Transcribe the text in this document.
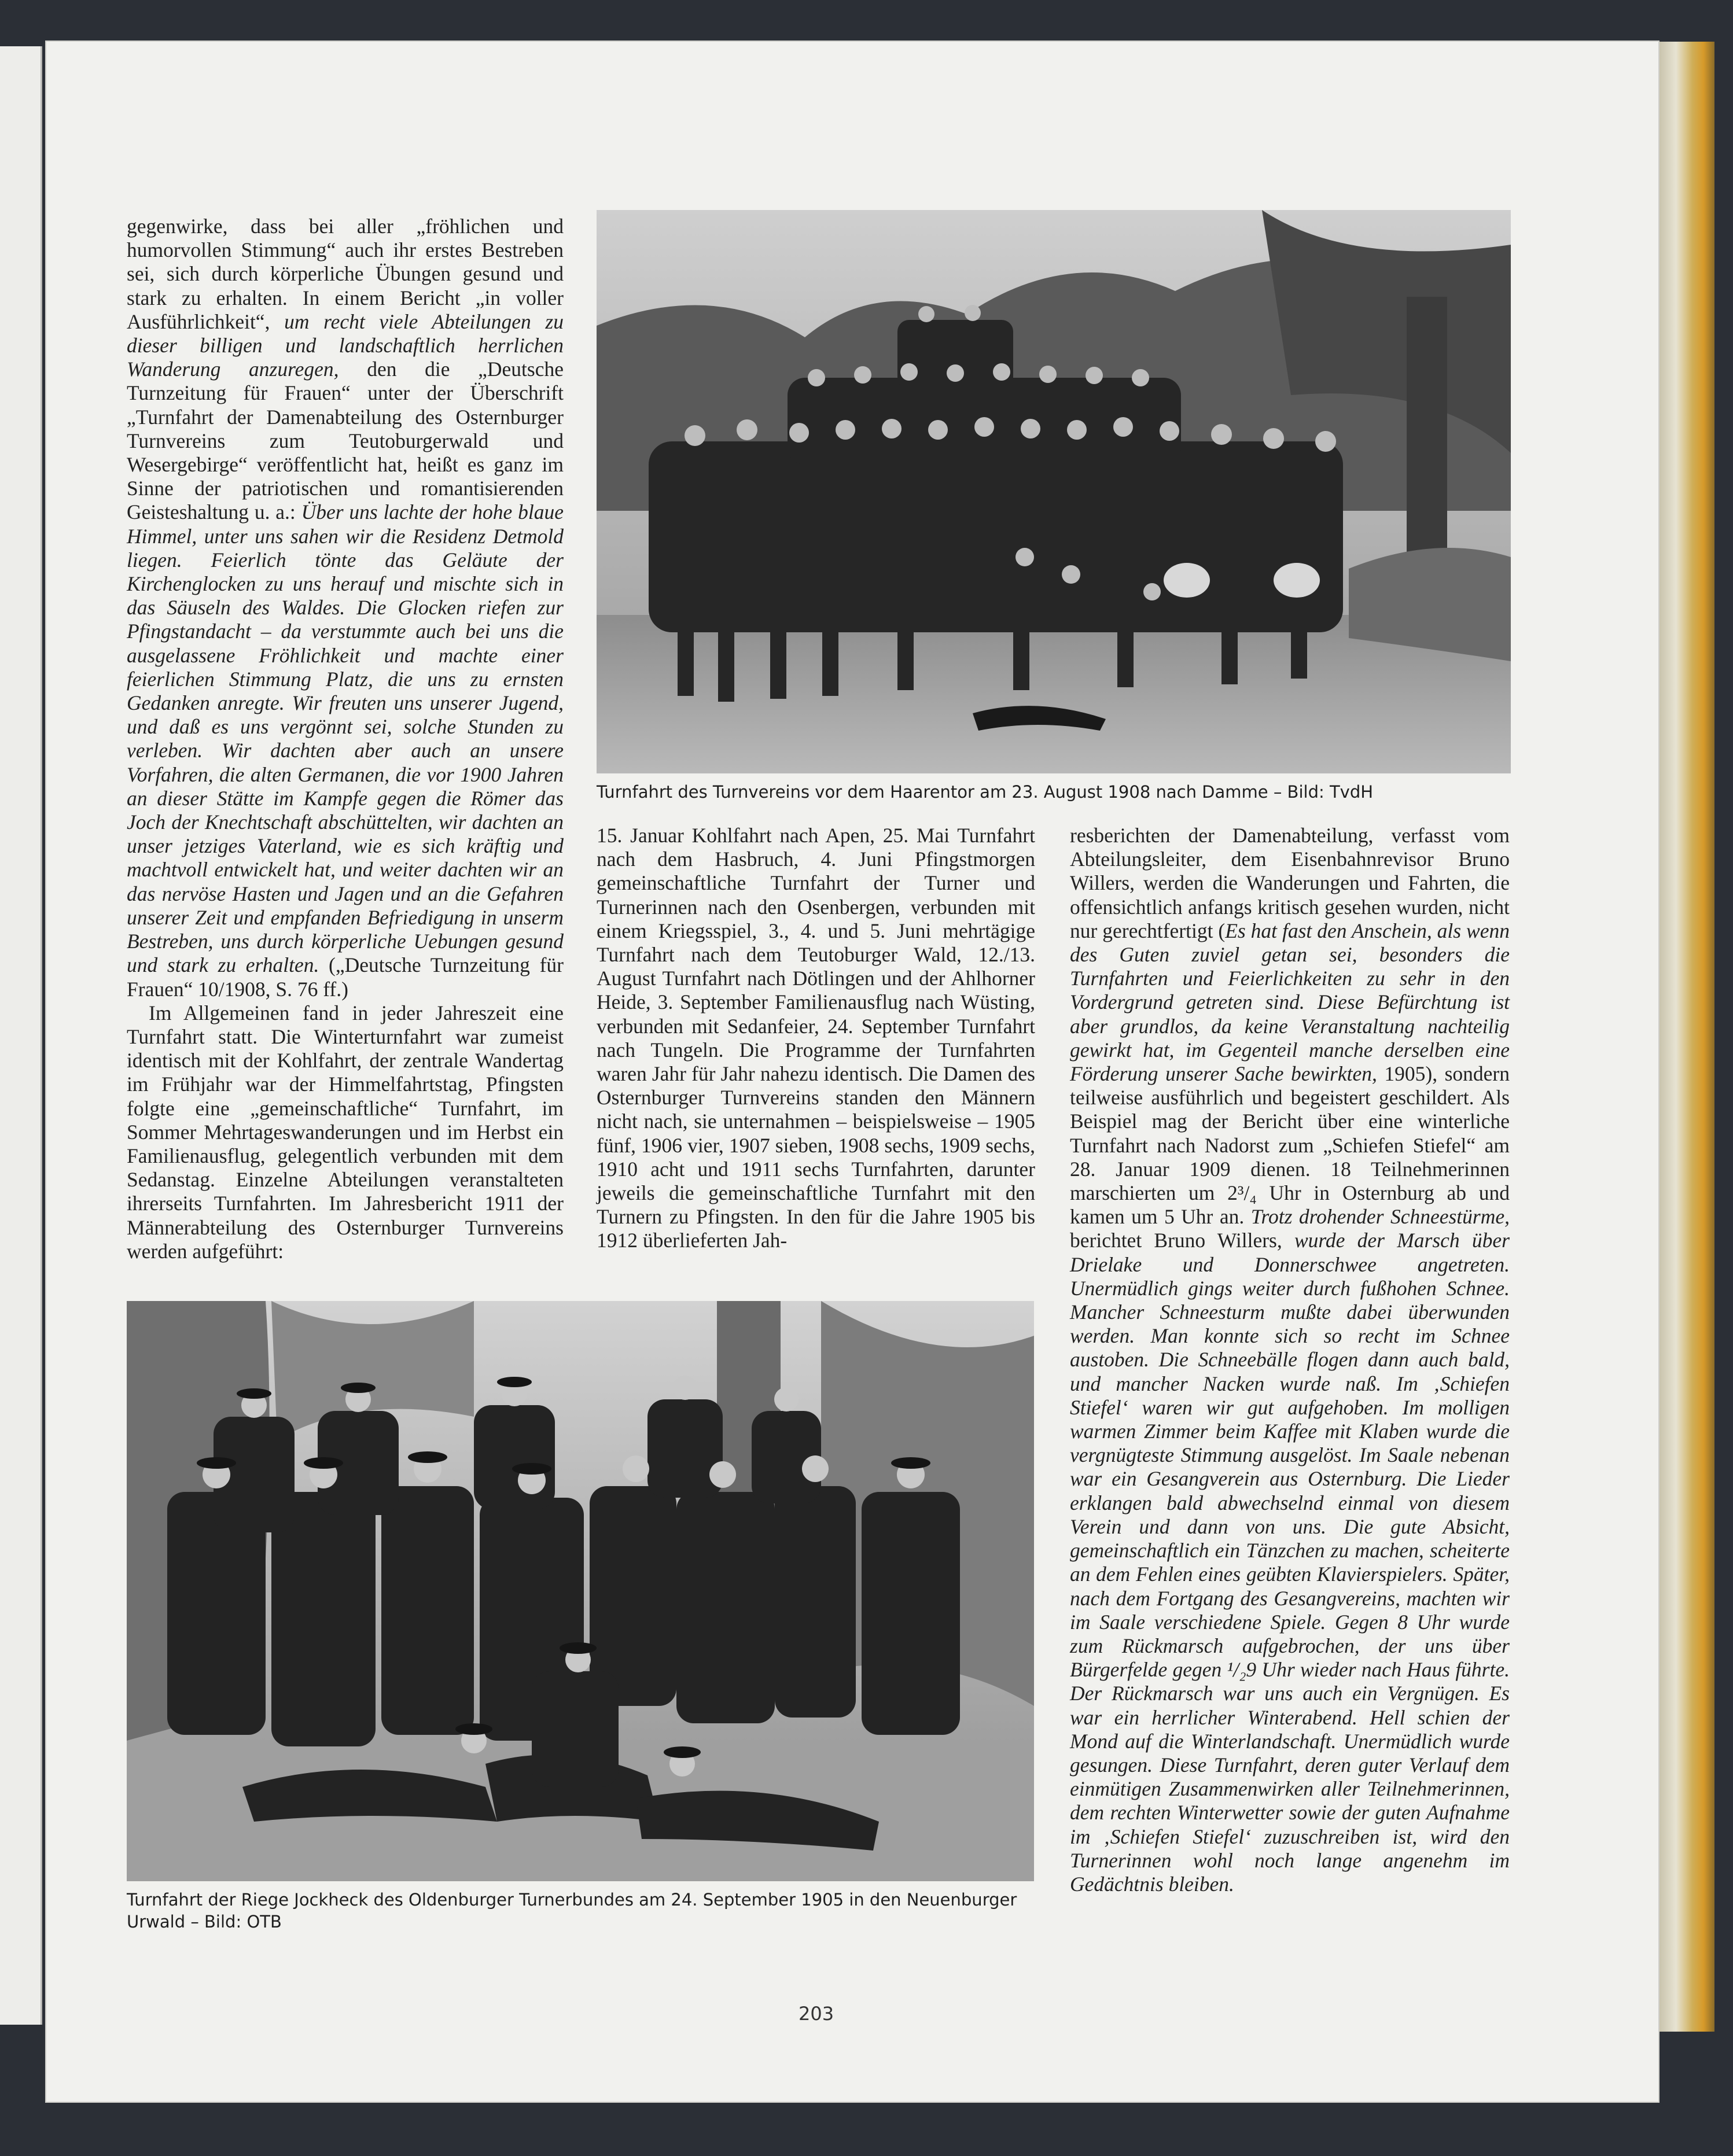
gegenwirke, dass bei aller „fröhlichen und humorvollen Stimmung“ auch ihr erstes Bestreben sei, sich durch körperliche Übungen gesund und stark zu erhalten. In einem Bericht „in voller Ausführlichkeit“, um recht viele Abteilungen zu dieser billigen und landschaftlich herrlichen Wanderung anzuregen, den die „Deutsche Turnzeitung für Frauen“ unter der Überschrift „Turnfahrt der Damenabteilung des Osternburger Turnvereins zum Teutoburgerwald und Wesergebirge“ veröffentlicht hat, heißt es ganz im Sinne der patriotischen und romantisierenden Geisteshaltung u. a.: Über uns lachte der hohe blaue Himmel, unter uns sahen wir die Residenz Detmold liegen. Feierlich tönte das Geläute der Kirchenglocken zu uns herauf und mischte sich in das Säuseln des Waldes. Die Glocken riefen zur Pfingstandacht – da verstummte auch bei uns die ausgelassene Fröhlichkeit und machte einer feierlichen Stimmung Platz, die uns zu ernsten Gedanken anregte. Wir freuten uns unserer Jugend, und daß es uns vergönnt sei, solche Stunden zu verleben. Wir dachten aber auch an unsere Vorfahren, die alten Germanen, die vor 1900 Jahren an dieser Stätte im Kampfe gegen die Römer das Joch der Knechtschaft abschüttelten, wir dachten an unser jetziges Vaterland, wie es sich kräftig und machtvoll entwickelt hat, und weiter dachten wir an das nervöse Hasten und Jagen und an die Gefahren unserer Zeit und empfanden Befriedigung in unserm Bestreben, uns durch körperliche Uebungen gesund und stark zu erhalten. („Deutsche Turnzeitung für Frauen“ 10/1908, S. 76 ff.)

Im Allgemeinen fand in jeder Jahreszeit eine Turnfahrt statt. Die Winterturnfahrt war zumeist identisch mit der Kohlfahrt, der zentrale Wandertag im Frühjahr war der Himmelfahrtstag, Pfingsten folgte eine „gemeinschaftliche“ Turnfahrt, im Sommer Mehrtageswanderungen und im Herbst ein Familienausflug, gelegentlich verbunden mit dem Sedanstag. Einzelne Abteilungen veranstalteten ihrerseits Turnfahrten. Im Jahresbericht 1911 der Männerabteilung des Osternburger Turnvereins werden aufgeführt:

Turnfahrt des Turnvereins vor dem Haarentor am 23. August 1908 nach Damme – Bild: TvdH

15. Januar Kohlfahrt nach Apen, 25. Mai Turnfahrt nach dem Hasbruch, 4. Juni Pfingstmorgen gemeinschaftliche Turnfahrt der Turner und Turnerinnen nach den Osenbergen, verbunden mit einem Kriegsspiel, 3., 4. und 5. Juni mehrtägige Turnfahrt nach dem Teutoburger Wald, 12./13. August Turnfahrt nach Dötlingen und der Ahlhorner Heide, 3. September Familienausflug nach Wüsting, verbunden mit Sedanfeier, 24. September Turnfahrt nach Tungeln. Die Programme der Turnfahrten waren Jahr für Jahr nahezu identisch. Die Damen des Osternburger Turnvereins standen den Männern nicht nach, sie unternahmen – beispielsweise – 1905 fünf, 1906 vier, 1907 sieben, 1908 sechs, 1909 sechs, 1910 acht und 1911 sechs Turnfahrten, darunter jeweils die gemeinschaftliche Turnfahrt mit den Turnern zu Pfingsten. In den für die Jahre 1905 bis 1912 überlieferten Jah-

resberichten der Damenabteilung, verfasst vom Abteilungsleiter, dem Eisenbahnrevisor Bruno Willers, werden die Wanderungen und Fahrten, die offensichtlich anfangs kritisch gesehen wurden, nicht nur gerechtfertigt (Es hat fast den Anschein, als wenn des Guten zuviel getan sei, besonders die Turnfahrten und Feierlichkeiten zu sehr in den Vordergrund getreten sind. Diese Befürchtung ist aber grundlos, da keine Veranstaltung nachteilig gewirkt hat, im Gegenteil manche derselben eine Förderung unserer Sache bewirkten, 1905), sondern teilweise ausführlich und begeistert geschildert. Als Beispiel mag der Bericht über eine winterliche Turnfahrt nach Nadorst zum „Schiefen Stiefel“ am 28. Januar 1909 dienen. 18 Teilnehmerinnen marschierten um 2³/₄ Uhr in Osternburg ab und kamen um 5 Uhr an. Trotz drohender Schneestürme, berichtet Bruno Willers, wurde der Marsch über Drielake und Donnerschwee angetreten. Unermüdlich gings weiter durch fußhohen Schnee. Mancher Schneesturm mußte dabei überwunden werden. Man konnte sich so recht im Schnee austoben. Die Schneebälle flogen dann auch bald, und mancher Nacken wurde naß. Im ‚Schiefen Stiefel‘ waren wir gut aufgehoben. Im molligen warmen Zimmer beim Kaffee mit Klaben wurde die vergnügteste Stimmung ausgelöst. Im Saale nebenan war ein Gesangverein aus Osternburg. Die Lieder erklangen bald abwechselnd einmal von diesem Verein und dann von uns. Die gute Absicht, gemeinschaftlich ein Tänzchen zu machen, scheiterte an dem Fehlen eines geübten Klavierspielers. Später, nach dem Fortgang des Gesangvereins, machten wir im Saale verschiedene Spiele. Gegen 8 Uhr wurde zum Rückmarsch aufgebrochen, der uns über Bürgerfelde gegen ¹/₂9 Uhr wieder nach Haus führte. Der Rückmarsch war uns auch ein Vergnügen. Es war ein herrlicher Winterabend. Hell schien der Mond auf die Winterlandschaft. Unermüdlich wurde gesungen. Diese Turnfahrt, deren guter Verlauf dem einmütigen Zusammenwirken aller Teilnehmerinnen, dem rechten Winterwetter sowie der guten Aufnahme im ‚Schiefen Stiefel‘ zuzuschreiben ist, wird den Turnerinnen wohl noch lange angenehm im Gedächtnis bleiben.

Turnfahrt der Riege Jockheck des Oldenburger Turnerbundes am 24. September 1905 in den Neuenburger Urwald – Bild: OTB
203
